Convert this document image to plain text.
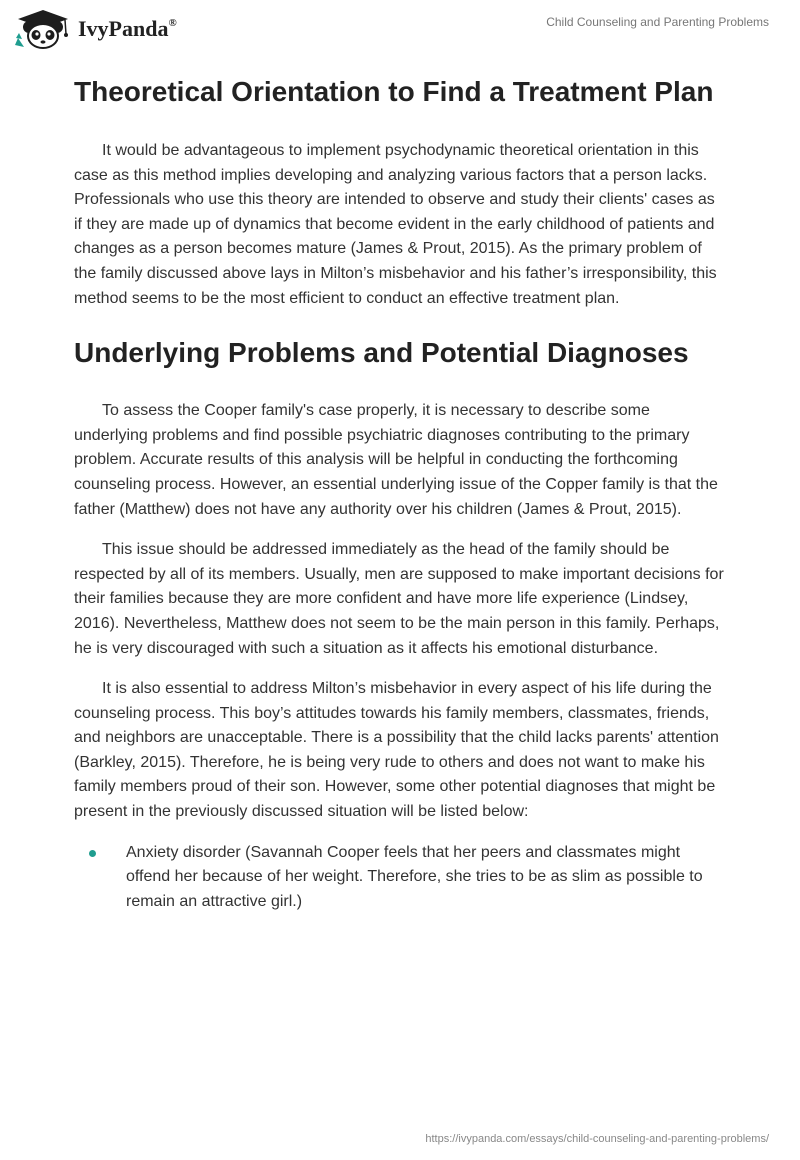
IvyPanda®	Child Counseling and Parenting Problems
Theoretical Orientation to Find a Treatment Plan

It would be advantageous to implement psychodynamic theoretical orientation in this case as this method implies developing and analyzing various factors that a person lacks. Professionals who use this theory are intended to observe and study their clients' cases as if they are made up of dynamics that become evident in the early childhood of patients and changes as a person becomes mature (James & Prout, 2015). As the primary problem of the family discussed above lays in Milton’s misbehavior and his father’s irresponsibility, this method seems to be the most efficient to conduct an effective treatment plan.

Underlying Problems and Potential Diagnoses

To assess the Cooper family's case properly, it is necessary to describe some underlying problems and find possible psychiatric diagnoses contributing to the primary problem. Accurate results of this analysis will be helpful in conducting the forthcoming counseling process. However, an essential underlying issue of the Copper family is that the father (Matthew) does not have any authority over his children (James & Prout, 2015).

This issue should be addressed immediately as the head of the family should be respected by all of its members. Usually, men are supposed to make important decisions for their families because they are more confident and have more life experience (Lindsey, 2016). Nevertheless, Matthew does not seem to be the main person in this family. Perhaps, he is very discouraged with such a situation as it affects his emotional disturbance.

It is also essential to address Milton’s misbehavior in every aspect of his life during the counseling process. This boy’s attitudes towards his family members, classmates, friends, and neighbors are unacceptable. There is a possibility that the child lacks parents' attention (Barkley, 2015). Therefore, he is being very rude to others and does not want to make his family members proud of their son. However, some other potential diagnoses that might be present in the previously discussed situation will be listed below:

Anxiety disorder (Savannah Cooper feels that her peers and classmates might offend her because of her weight. Therefore, she tries to be as slim as possible to remain an attractive girl.)
https://ivypanda.com/essays/child-counseling-and-parenting-problems/
